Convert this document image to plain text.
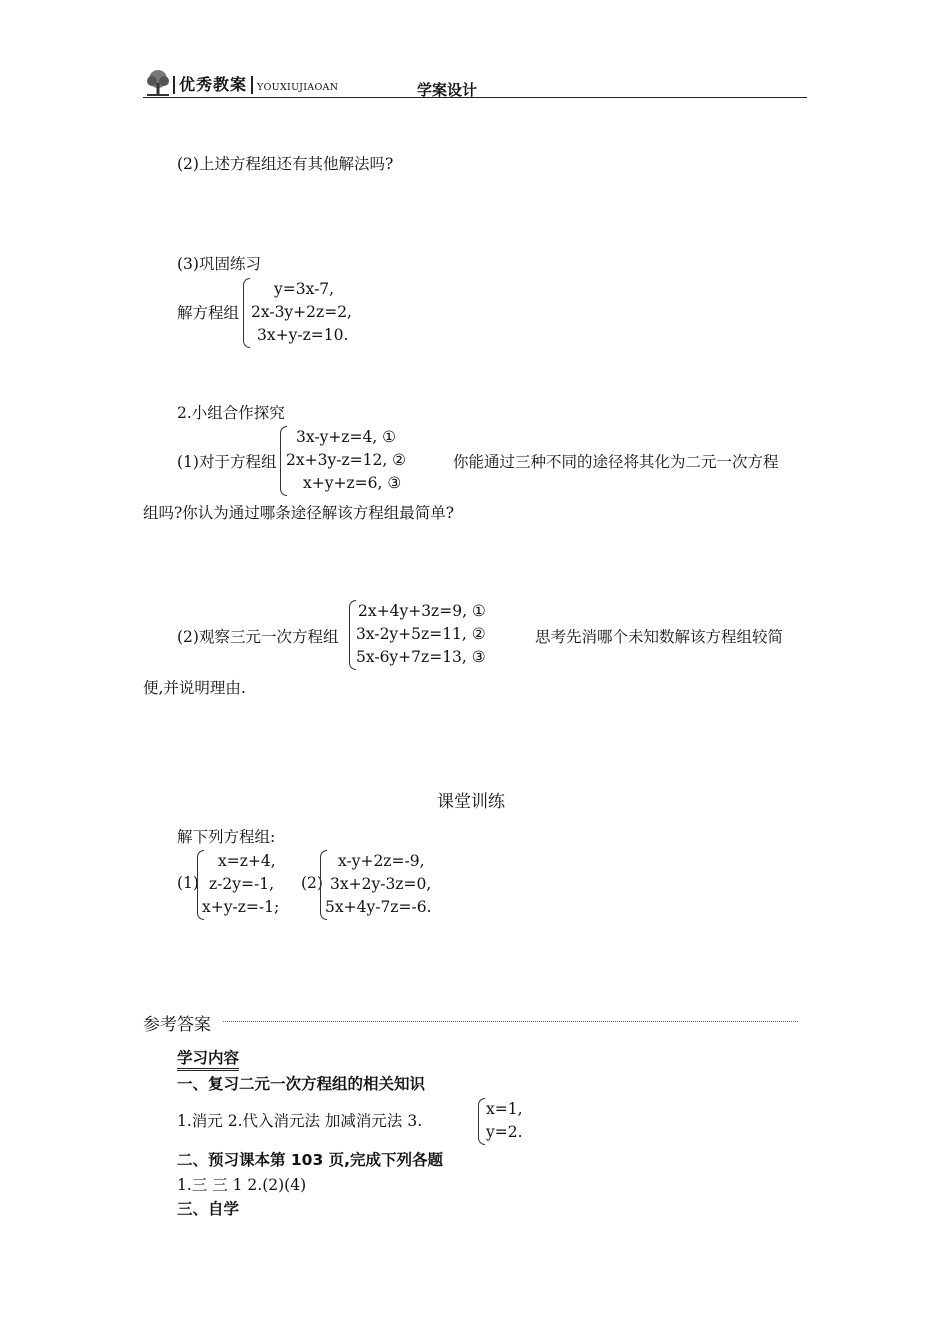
优秀教案	YOUXIUJIAOAN	学案设计
(2)上述方程组还有其他解法吗?
(3)巩固练习
解方程组
y=3x-7,
2x-3y+2z=2,
3x+y-z=10.
2.小组合作探究
(1)对于方程组
3x-y+z=4, ①
2x+3y-z=12, ②
x+y+z=6, ③
你能通过三种不同的途径将其化为二元一次方程
组吗?你认为通过哪条途径解该方程组最简单?
(2)观察三元一次方程组
2x+4y+3z=9, ①
3x-2y+5z=11, ②
5x-6y+7z=13, ③
思考先消哪个未知数解该方程组较简
便,并说明理由.
课堂训练
解下列方程组:
(1)
x=z+4,
z-2y=-1,
x+y-z=-1;
(2)
x-y+2z=-9,
3x+2y-3z=0,
5x+4y-7z=-6.
参考答案
学习内容
一、复习二元一次方程组的相关知识
1.消元 2.代入消元法 加减消元法 3.
x=1,
y=2.
二、预习课本第 103 页,完成下列各题
1.三 三 1 2.(2)(4)
三、自学
